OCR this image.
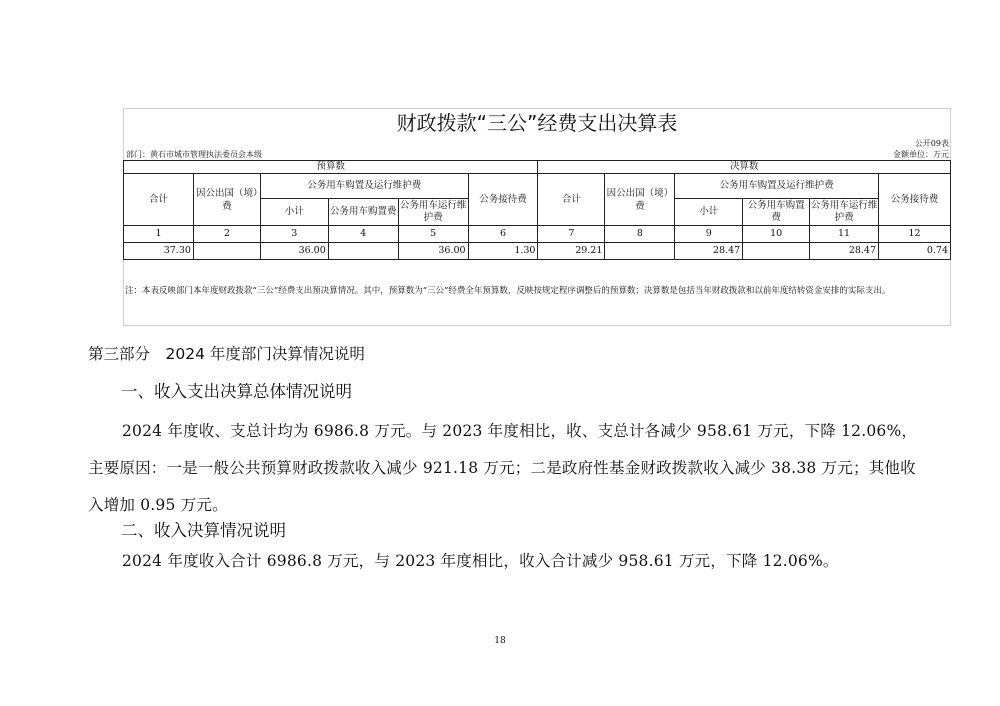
财政拨款“三公”经费支出决算表
公开09表
部门：黄石市城市管理执法委员会本级	金额单位：万元
预算数						决算数					
合计	因公出国（境）费	公务用车购置及运行维护费			公务接待费	合计	因公出国（境）费	公务用车购置及运行维护费			公务接待费
		小计	公务用车购置费	公务用车运行维护费				小计	公务用车购置费	公务用车运行维护费	
1	2	3	4	5	6	7	8	9	10	11	12
37.30		36.00		36.00	1.30	29.21		28.47		28.47	0.74
注：本表反映部门本年度财政拨款“三公”经费支出预决算情况。其中，预算数为“三公”经费全年预算数，反映按规定程序调整后的预算数；决算数是包括当年财政拨款和以前年度结转资金安排的实际支出。
第三部分　2024 年度部门决算情况说明
一、收入支出决算总体情况说明
2024 年度收、支总计均为 6986.8 万元。与 2023 年度相比，收、支总计各减少 958.61 万元，下降 12.06%，主要原因：一是一般公共预算财政拨款收入减少 921.18 万元；二是政府性基金财政拨款收入减少 38.38 万元；其他收入增加 0.95 万元。
二、收入决算情况说明
2024 年度收入合计 6986.8 万元，与 2023 年度相比，收入合计减少 958.61 万元，下降 12.06%。
18
